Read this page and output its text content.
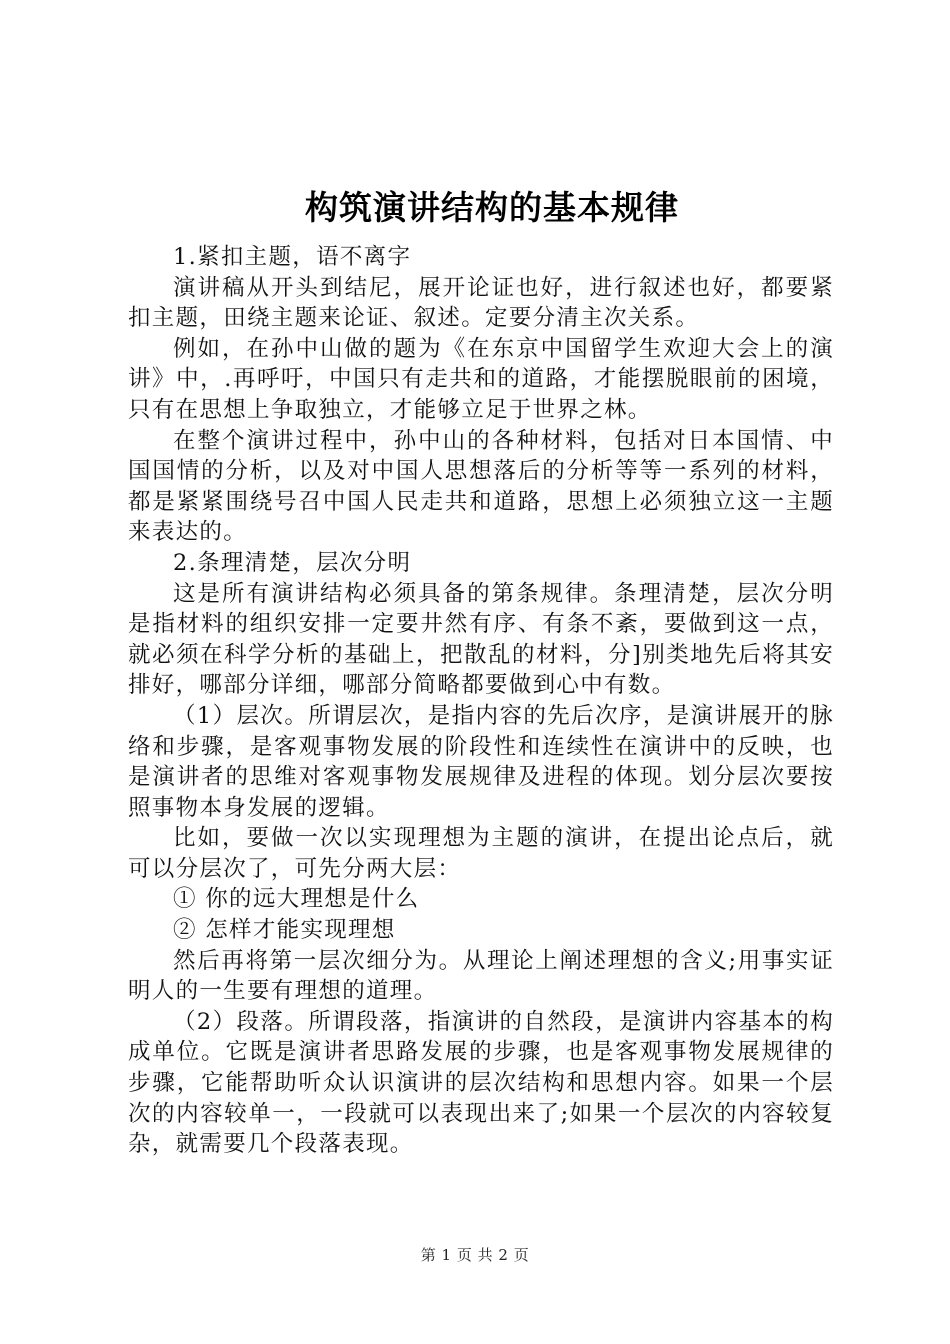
构筑演讲结构的基本规律

1.紧扣主题，语不离字

演讲稿从开头到结尼，展开论证也好，进行叙述也好，都要紧扣主题，田绕主题来论证、叙述。定要分清主次关系。

例如，在孙中山做的题为《在东京中国留学生欢迎大会上的演讲》中，.再呼吁，中国只有走共和的道路，才能摆脱眼前的困境，只有在思想上争取独立，才能够立足于世界之林。

在整个演讲过程中，孙中山的各种材料，包括对日本国情、中国国情的分析，以及对中国人思想落后的分析等等一系列的材料，都是紧紧围绕号召中国人民走共和道路，思想上必须独立这一主题来表达的。

2.条理清楚，层次分明

这是所有演讲结构必须具备的第条规律。条理清楚，层次分明是指材料的组织安排一定要井然有序、有条不紊，要做到这一点，就必须在科学分析的基础上，把散乱的材料，分]别类地先后将其安排好，哪部分详细，哪部分简略都要做到心中有数。

（1）层次。所谓层次，是指内容的先后次序，是演讲展开的脉络和步骤，是客观事物发展的阶段性和连续性在演讲中的反映，也是演讲者的思维对客观事物发展规律及进程的体现。划分层次要按照事物本身发展的逻辑。

比如，要做一次以实现理想为主题的演讲，在提出论点后，就可以分层次了，可先分两大层：

① 你的远大理想是什么

② 怎样才能实现理想

然后再将第一层次细分为。从理论上阐述理想的含义;用事实证明人的一生要有理想的道理。

（2）段落。所谓段落，指演讲的自然段，是演讲内容基本的构成单位。它既是演讲者思路发展的步骤，也是客观事物发展规律的步骤，它能帮助听众认识演讲的层次结构和思想内容。如果一个层次的内容较单一，一段就可以表现出来了;如果一个层次的内容较复杂，就需要几个段落表现。

第 1 页 共 2 页
